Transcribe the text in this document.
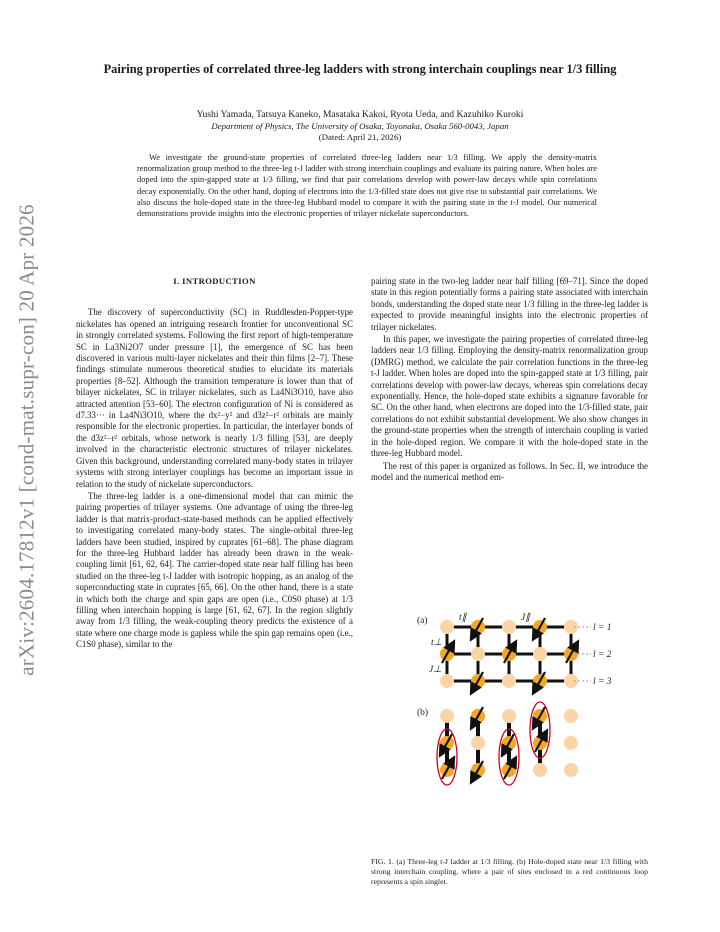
arXiv:2604.17812v1 [cond-mat.supr-con] 20 Apr 2026
Pairing properties of correlated three-leg ladders with strong interchain couplings near 1/3 filling
Yushi Yamada, Tatsuya Kaneko, Masataka Kakoi, Ryota Ueda, and Kazuhiko Kuroki
Department of Physics, The University of Osaka, Toyonaka, Osaka 560-0043, Japan
(Dated: April 21, 2026)
We investigate the ground-state properties of correlated three-leg ladders near 1/3 filling. We apply the density-matrix renormalization group method to the three-leg t-J ladder with strong interchain couplings and evaluate its pairing nature. When holes are doped into the spin-gapped state at 1/3 filling, we find that pair correlations develop with power-law decays while spin correlations decay exponentially. On the other hand, doping of electrons into the 1/3-filled state does not give rise to substantial pair correlations. We also discuss the hole-doped state in the three-leg Hubbard model to compare it with the pairing state in the t-J model. Our numerical demonstrations provide insights into the electronic properties of trilayer nickelate superconductors.
I. INTRODUCTION

The discovery of superconductivity (SC) in Ruddlesden-Popper-type nickelates has opened an intriguing research frontier for unconventional SC in strongly correlated systems. Following the first report of high-temperature SC in La3Ni2O7 under pressure [1], the emergence of SC has been discovered in various multi-layer nickelates and their thin films [2–7]. These findings stimulate numerous theoretical studies to elucidate its materials properties [8–52]. Although the transition temperature is lower than that of bilayer nickelates, SC in trilayer nickelates, such as La4Ni3O10, have also attracted attention [53–60]. The electron configuration of Ni is considered as d7.33··· in La4Ni3O10, where the dx²−y² and d3z²−r² orbitals are mainly responsible for the electronic properties. In particular, the interlayer bonds of the d3z²−r² orbitals, whose network is nearly 1/3 filling [53], are deeply involved in the characteristic electronic structures of trilayer nickelates. Given this background, understanding correlated many-body states in trilayer systems with strong interlayer couplings has become an important issue in relation to the study of nickelate superconductors.

The three-leg ladder is a one-dimensional model that can mimic the pairing properties of trilayer systems. One advantage of using the three-leg ladder is that matrix-product-state-based methods can be applied effectively to investigating correlated many-body states. The single-orbital three-leg ladders have been studied, inspired by cuprates [61–68]. The phase diagram for the three-leg Hubbard ladder has already been drawn in the weak-coupling limit [61, 62, 64]. The carrier-doped state near half filling has been studied on the three-leg t-J ladder with isotropic hopping, as an analog of the superconducting state in cuprates [65, 66]. On the other hand, there is a state in which both the charge and spin gaps are open (i.e., C0S0 phase) at 1/3 filling when interchain hopping is large [61, 62, 67]. In the region slightly away from 1/3 filling, the weak-coupling theory predicts the existence of a state where one charge mode is gapless while the spin gap remains open (i.e., C1S0 phase), similar to the

pairing state in the two-leg ladder near half filling [69–71]. Since the doped state in this region potentially forms a pairing state associated with interchain bonds, understanding the doped state near 1/3 filling in the three-leg ladder is expected to provide meaningful insights into the electronic properties of trilayer nickelates.

In this paper, we investigate the pairing properties of correlated three-leg ladders near 1/3 filling. Employing the density-matrix renormalization group (DMRG) method, we calculate the pair correlation functions in the three-leg t-J ladder. When holes are doped into the spin-gapped state at 1/3 filling, pair correlations develop with power-law decays, whereas spin correlations decay exponentially. Hence, the hole-doped state exhibits a signature favorable for SC. On the other hand, when electrons are doped into the 1/3-filled state, pair correlations do not exhibit substantial development. We also show changes in the ground-state properties when the strength of interchain coupling is varied in the hole-doped region. We compare it with the hole-doped state in the three-leg Hubbard model.

The rest of this paper is organized as follows. In Sec. II, we introduce the model and the numerical method em-

(a)	t∥	J∥
t⊥
J⊥
l = 1
l = 2
l = 3
(b)
FIG. 1. (a) Three-leg t-J ladder at 1/3 filling. (b) Hole-doped state near 1/3 filling with strong interchain coupling, where a pair of sites enclosed in a red continuous loop represents a spin singlet.
